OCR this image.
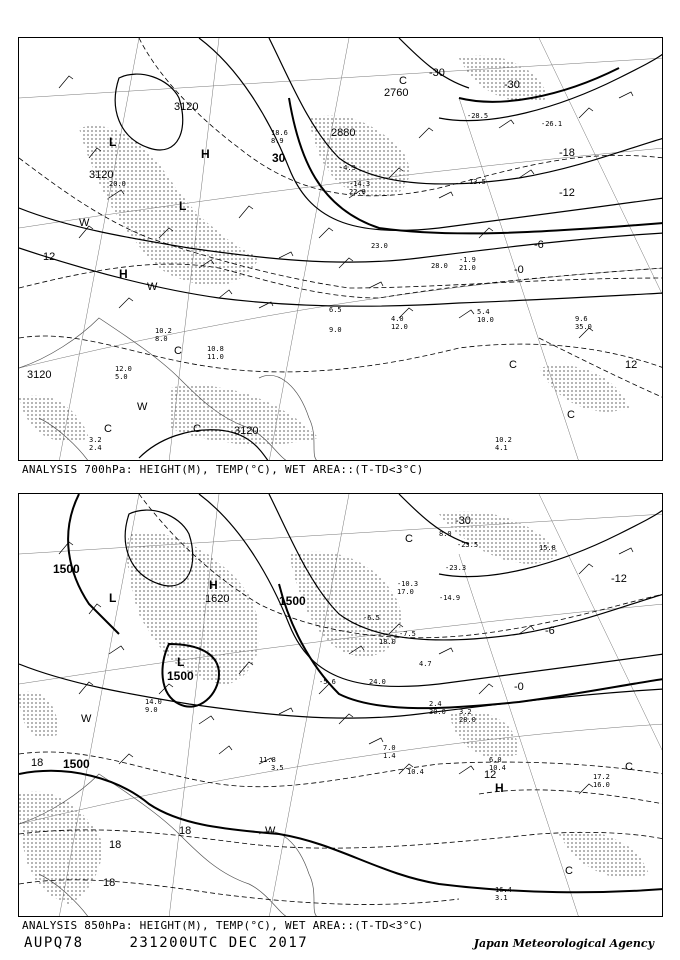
3120
3120
3120
3120
2760
2880
30
-30
-30
-18
-12
-6
-0
12
12
L
H
L
H
C
C
C	C
C
C
W
W
W
18.6
8.9
20.0
-4.3
-14.3
22.9
13.5
-1.9
21.0
10.2
8.0
5.4
10.0	9.6
35.0
10.8
11.0
12.0
5.0
-28.5
-26.1
10.2
4.1
3.2
2.4
6.5
4.0
12.0
23.0
28.0
9.0
ANALYSIS 700hPa: HEIGHT(M), TEMP(°C), WET AREA::(T-TD<3°C)
1500
1500
1500
1500
1620
-30
-12
-6
-0
18
18
18
18
12
L
H
L
H
C
C
C
W
W
-23.5
8.0
-23.3
15.8
-10.3
17.0
-14.9
-6.5
-7.5
18.0
6.0
10.4
17.2
16.0
-5.6
2.4
30.0 3.2
28.0
4.7
24.0
7.0
1.4
10.4
16.4
3.1
14.0
9.0
11.8
3.5
ANALYSIS 850hPa: HEIGHT(M), TEMP(°C), WET AREA::(T-TD<3°C)
AUPQ78	231200UTC DEC 2017	Japan Meteorological Agency
